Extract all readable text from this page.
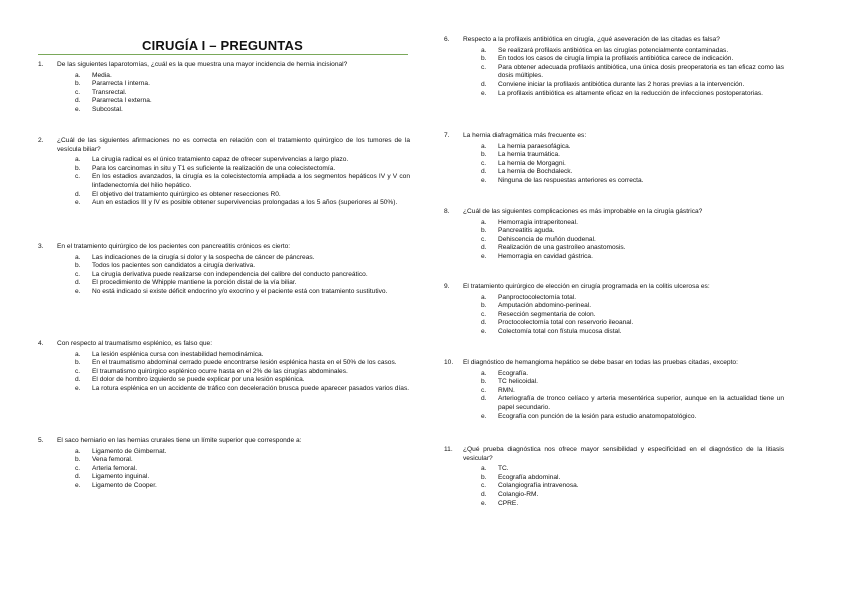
CIRUGÍA I – PREGUNTAS
1.	De las siguientes laparotomías, ¿cuál es la que muestra una mayor incidencia de hernia incisional?
a. Media.
b. Pararrecta l interna.
c. Transrectal.
d. Pararrecta l externa.
e. Subcostal.
2.	¿Cuál de las siguientes afirmaciones no es correcta en relación con el tratamiento quirúrgico de los tumores de la vesícula biliar?
a. La cirugía radical es el único tratamiento capaz de ofrecer supervivencias a largo plazo.
b. Para los carcinomas in situ y T1 es suficiente la realización de una colecistectomía.
c. En los estadios avanzados, la cirugía es la colecistectomía ampliada a los segmentos hepáticos IV y V con linfadenectomía del hilio hepático.
d. El objetivo del tratamiento quirúrgico es obtener resecciones R0.
e. Aun en estadios III y IV es posible obtener supervivencias prolongadas a los 5 años (superiores al 50%).
3.	En el tratamiento quirúrgico de los pacientes con pancreatitis crónicos es cierto:
a. Las indicaciones de la cirugía si dolor y la sospecha de cáncer de páncreas.
b. Todos los pacientes son candidatos a cirugía derivativa.
c. La cirugía derivativa puede realizarse con independencia del calibre del conducto pancreático.
d. El procedimiento de Whipple mantiene la porción distal de la vía biliar.
e. No está indicado si existe déficit endocrino y/o exocrino y el paciente está con tratamiento sustitutivo.
4.	Con respecto al traumatismo esplénico, es falso que:
a. La lesión esplénica cursa con inestabilidad hemodinámica.
b. En el traumatismo abdominal cerrado puede encontrarse lesión esplénica hasta en el 50% de los casos.
c. El traumatismo quirúrgico esplénico ocurre hasta en el 2% de las cirugías abdominales.
d. El dolor de hombro izquierdo se puede explicar por una lesión esplénica.
e. La rotura esplénica en un accidente de tráfico con deceleración brusca puede aparecer pasados varios días.
5.	El saco herniario en las hernias crurales tiene un límite superior que corresponde a:
a. Ligamento de Gimbernat.
b. Vena femoral.
c. Arteria femoral.
d. Ligamento inguinal.
e. Ligamento de Cooper.
6.	Respecto a la profilaxis antibiótica en cirugía, ¿qué aseveración de las citadas es falsa?
a. Se realizará profilaxis antibiótica en las cirugías potencialmente contaminadas.
b. En todos los casos de cirugía limpia la profilaxis antibiótica carece de indicación.
c. Para obtener adecuada profilaxis antibiótica, una única dosis preoperatoria es tan eficaz como las dosis múltiples.
d. Conviene iniciar la profilaxis antibiótica durante las 2 horas previas a la intervención.
e. La profilaxis antibiótica es altamente eficaz en la reducción de infecciones postoperatorias.
7.	La hernia diafragmática más frecuente es:
a. La hernia paraesofágica.
b. La hernia traumática.
c. La hernia de Morgagni.
d. La hernia de Bochdaleck.
e. Ninguna de las respuestas anteriores es correcta.
8.	¿Cuál de las siguientes complicaciones es más improbable en la cirugía gástrica?
a. Hemorragia intraperitoneal.
b. Pancreatitis aguda.
c. Dehiscencia de muñón duodenal.
d. Realización de una gastroíleo anastomosis.
e. Hemorragia en cavidad gástrica.
9.	El tratamiento quirúrgico de elección en cirugía programada en la colitis ulcerosa es:
a. Panproctocolectomía total.
b. Amputación abdomino-perineal.
c. Resección segmentaria de colon.
d. Proctocolectomía total con reservorio ileoanal.
e. Colectomía total con fístula mucosa distal.
10.	El diagnóstico de hemangioma hepático se debe basar en todas las pruebas citadas, excepto:
a. Ecografía.
b. TC helicoidal.
c. RMN.
d. Arteriografía de tronco celíaco y arteria mesentérica superior, aunque en la actualidad tiene un papel secundario.
e. Ecografía con punción de la lesión para estudio anatomopatológico.
11.	¿Qué prueba diagnóstica nos ofrece mayor sensibilidad y especificidad en el diagnóstico de la litiasis vesicular?
a. TC.
b. Ecografía abdominal.
c. Colangiografía intravenosa.
d. Colangio-RM.
e. CPRE.
